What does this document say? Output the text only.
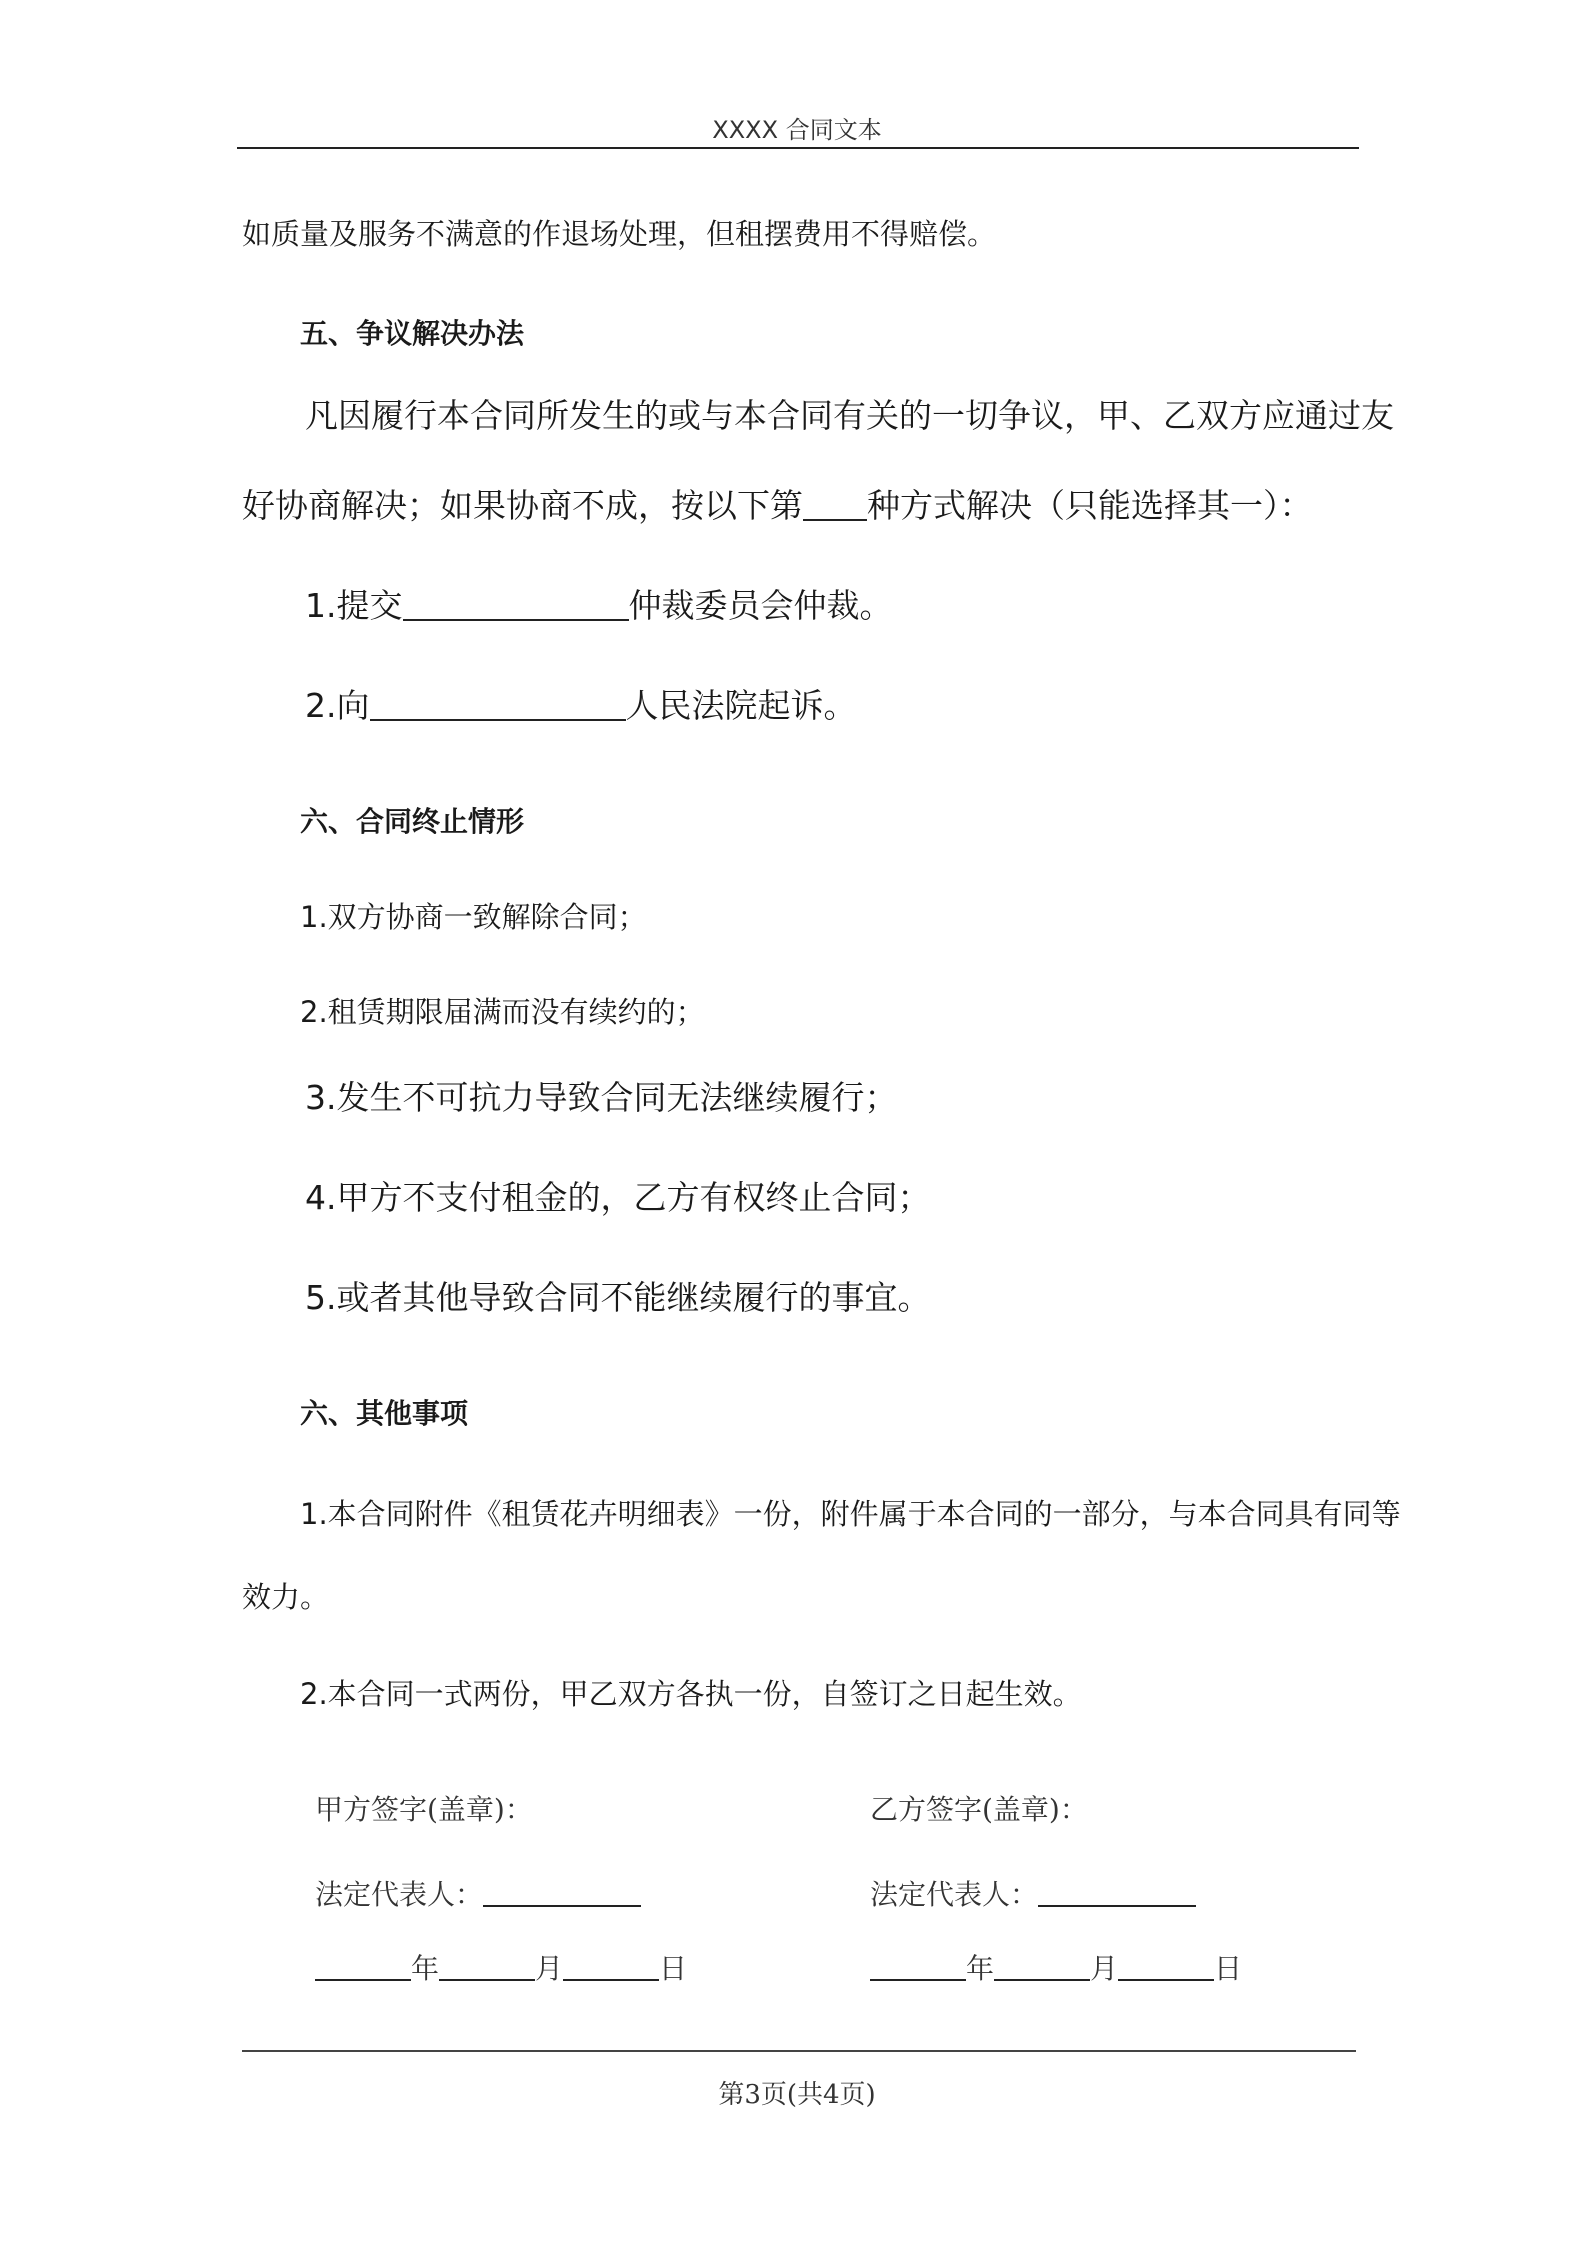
XXXX 合同文本
如质量及服务不满意的作退场处理，但租摆费用不得赔偿。
五、争议解决办法
凡因履行本合同所发生的或与本合同有关的一切争议，甲、乙双方应通过友
好协商解决；如果协商不成，按以下第 种方式解决（只能选择其一）：
1.提交	仲裁委员会仲裁。
2.向	人民法院起诉。
六、合同终止情形
1.双方协商一致解除合同；
2.租赁期限届满而没有续约的；
3.发生不可抗力导致合同无法继续履行；
4.甲方不支付租金的，乙方有权终止合同；
5.或者其他导致合同不能继续履行的事宜。
六、其他事项
1.本合同附件《租赁花卉明细表》一份，附件属于本合同的一部分，与本合同具有同等
效力。
2.本合同一式两份，甲乙双方各执一份，自签订之日起生效。
甲方签字(盖章)：	乙方签字(盖章)：
法定代表人：	法定代表人：
年	月	日	年	月	日
第3页(共4页)
